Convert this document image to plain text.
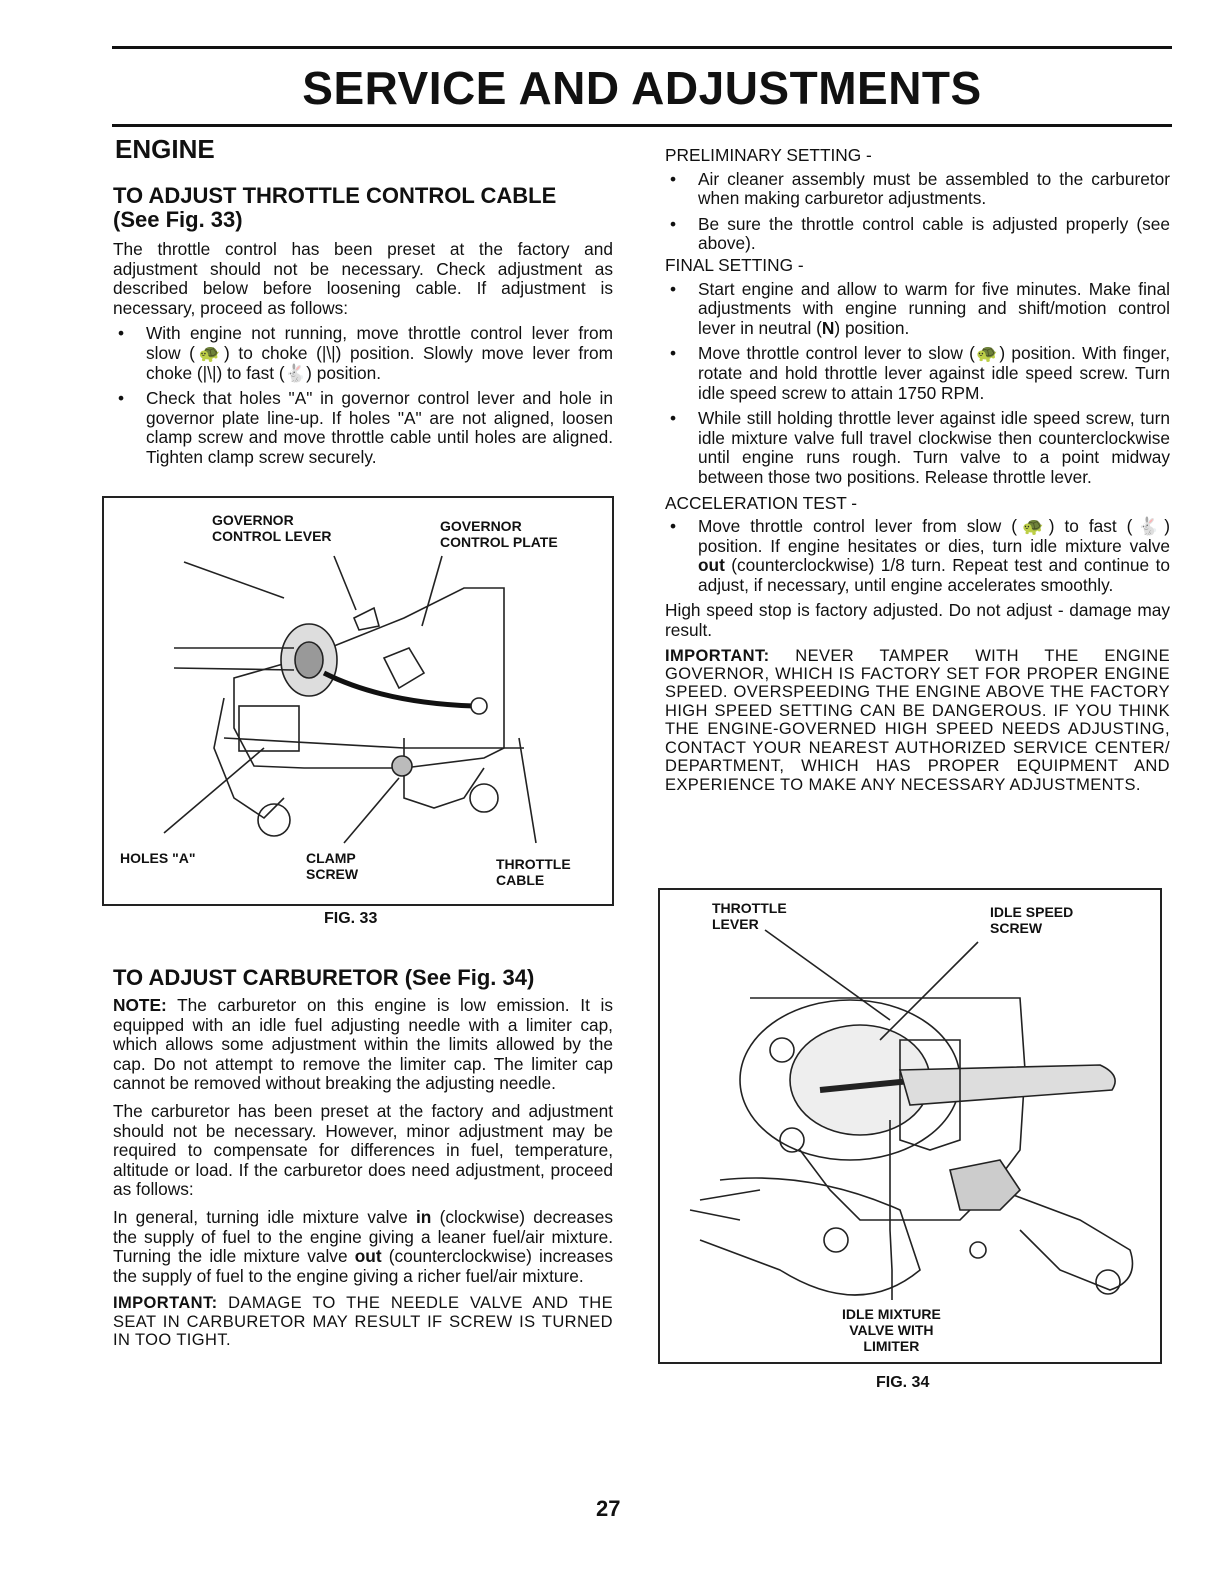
SERVICE AND ADJUSTMENTS
ENGINE
TO ADJUST THROTTLE CONTROL CABLE
(See Fig. 33)

The throttle control has been preset at the factory and adjustment should not be necessary. Check adjustment as described below before loosening cable. If adjustment is necessary, proceed as follows:

• With engine not running, move throttle control lever from slow (🐢) to choke (|\|) position. Slowly move lever from choke (|\|) to fast (🐇) position.
• Check that holes "A" in governor control lever and hole in governor plate line-up. If holes "A" are not aligned, loosen clamp screw and move throttle cable until holes are aligned. Tighten clamp screw securely.
GOVERNOR
CONTROL LEVER
GOVERNOR
CONTROL PLATE
HOLES "A"	CLAMP
SCREW
THROTTLE
CABLE
FIG. 33
TO ADJUST CARBURETOR (See Fig. 34)

NOTE: The carburetor on this engine is low emission. It is equipped with an idle fuel adjusting needle with a limiter cap, which allows some adjustment within the limits allowed by the cap. Do not attempt to remove the limiter cap. The limiter cap cannot be removed without breaking the adjusting needle.

The carburetor has been preset at the factory and adjustment should not be necessary. However, minor adjustment may be required to compensate for differences in fuel, temperature, altitude or load. If the carburetor does need adjustment, proceed as follows:

In general, turning idle mixture valve in (clockwise) decreases the supply of fuel to the engine giving a leaner fuel/air mixture. Turning the idle mixture valve out (counterclockwise) increases the supply of fuel to the engine giving a richer fuel/air mixture.

IMPORTANT: DAMAGE TO THE NEEDLE VALVE AND THE SEAT IN CARBURETOR MAY RESULT IF SCREW IS TURNED IN TOO TIGHT.

PRELIMINARY SETTING -

• Air cleaner assembly must be assembled to the carburetor when making carburetor adjustments.
• Be sure the throttle control cable is adjusted properly (see above).

FINAL SETTING -

• Start engine and allow to warm for five minutes. Make final adjustments with engine running and shift/motion control lever in neutral (N) position.
• Move throttle control lever to slow (🐢) position. With finger, rotate and hold throttle lever against idle speed screw. Turn idle speed screw to attain 1750 RPM.
• While still holding throttle lever against idle speed screw, turn idle mixture valve full travel clockwise then counterclockwise until engine runs rough. Turn valve to a point midway between those two positions. Release throttle lever.

ACCELERATION TEST -

• Move throttle control lever from slow (🐢) to fast (🐇) position. If engine hesitates or dies, turn idle mixture valve out (counterclockwise) 1/8 turn. Repeat test and continue to adjust, if necessary, until engine accelerates smoothly.

High speed stop is factory adjusted. Do not adjust - damage may result.

IMPORTANT: NEVER TAMPER WITH THE ENGINE GOVERNOR, WHICH IS FACTORY SET FOR PROPER ENGINE SPEED. OVERSPEEDING THE ENGINE ABOVE THE FACTORY HIGH SPEED SETTING CAN BE DANGEROUS. IF YOU THINK THE ENGINE-GOVERNED HIGH SPEED NEEDS ADJUSTING, CONTACT YOUR NEAREST AUTHORIZED SERVICE CENTER/ DEPARTMENT, WHICH HAS PROPER EQUIPMENT AND EXPERIENCE TO MAKE ANY NECESSARY ADJUSTMENTS.

THROTTLE
LEVER
IDLE SPEED
SCREW
IDLE MIXTURE
VALVE WITH
LIMITER
FIG. 34
27
